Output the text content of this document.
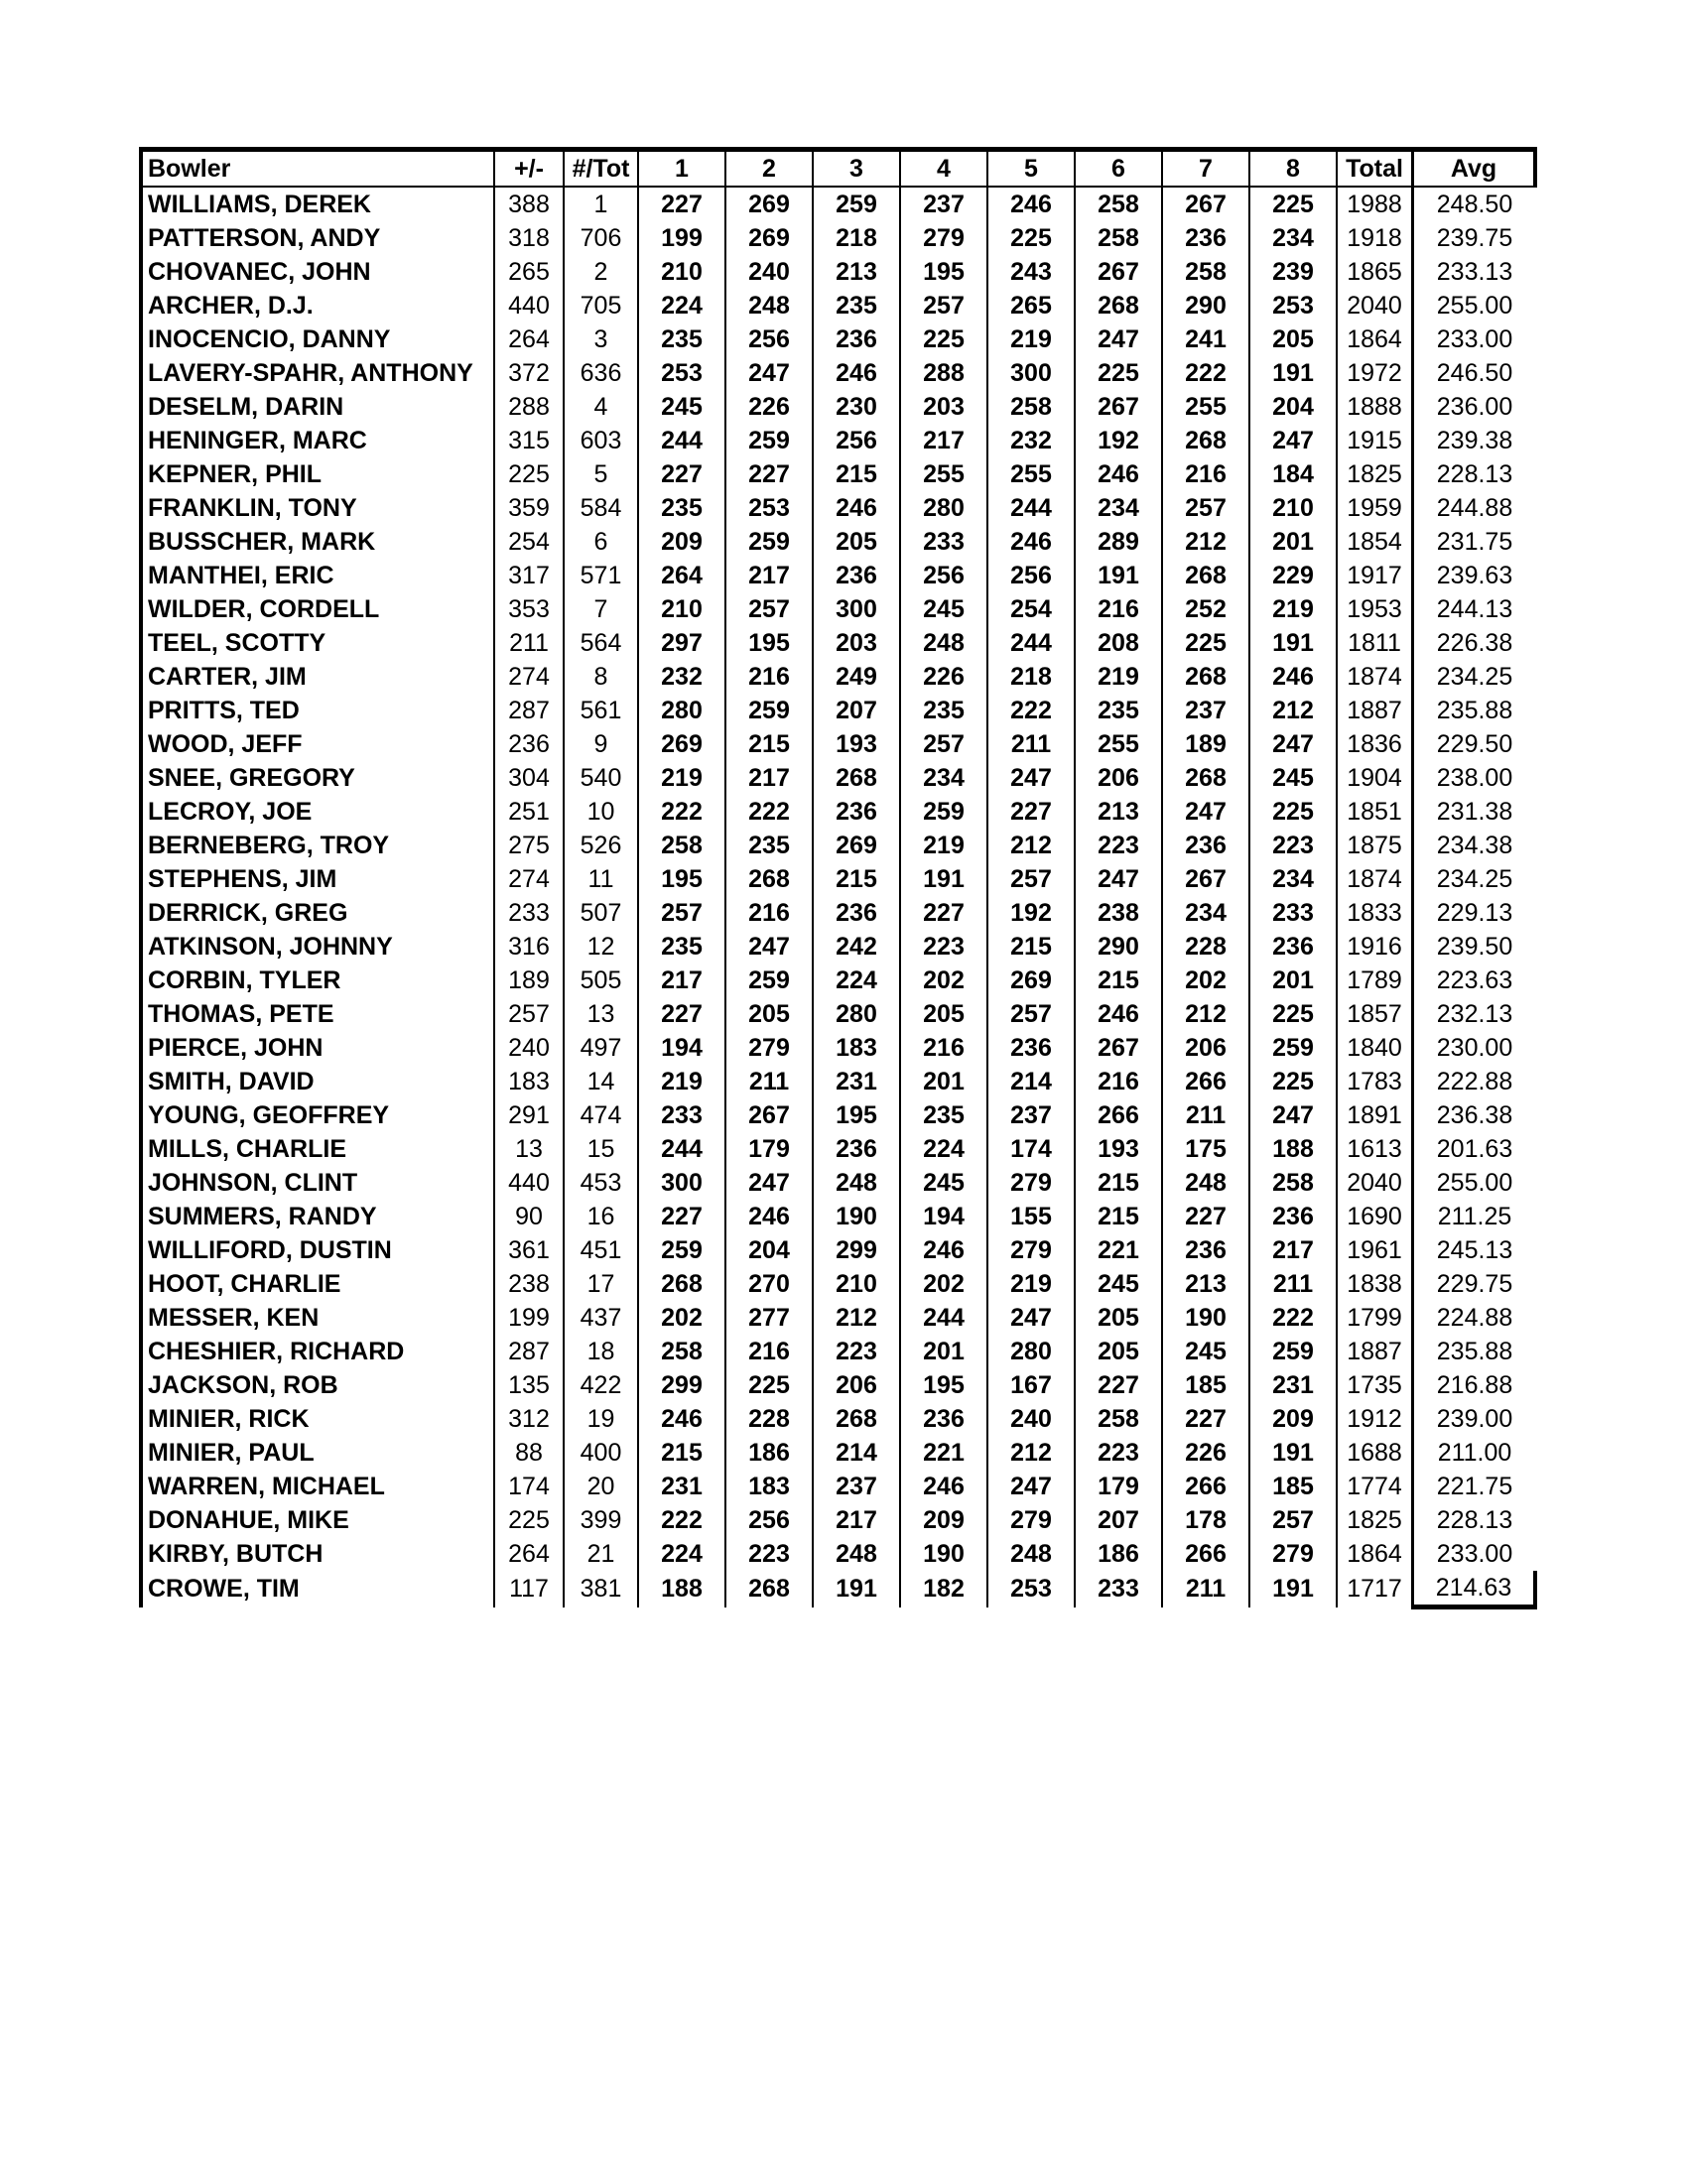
Bowler	+/-	#/Tot	1	2	3	4	5	6	7	8	Total	Avg
WILLIAMS, DEREK	388	1	227	269	259	237	246	258	267	225	1988	248.50
PATTERSON, ANDY	318	706	199	269	218	279	225	258	236	234	1918	239.75
CHOVANEC, JOHN	265	2	210	240	213	195	243	267	258	239	1865	233.13
ARCHER, D.J.	440	705	224	248	235	257	265	268	290	253	2040	255.00
INOCENCIO, DANNY	264	3	235	256	236	225	219	247	241	205	1864	233.00
LAVERY-SPAHR, ANTHONY	372	636	253	247	246	288	300	225	222	191	1972	246.50
DESELM, DARIN	288	4	245	226	230	203	258	267	255	204	1888	236.00
HENINGER, MARC	315	603	244	259	256	217	232	192	268	247	1915	239.38
KEPNER, PHIL	225	5	227	227	215	255	255	246	216	184	1825	228.13
FRANKLIN, TONY	359	584	235	253	246	280	244	234	257	210	1959	244.88
BUSSCHER, MARK	254	6	209	259	205	233	246	289	212	201	1854	231.75
MANTHEI, ERIC	317	571	264	217	236	256	256	191	268	229	1917	239.63
WILDER, CORDELL	353	7	210	257	300	245	254	216	252	219	1953	244.13
TEEL, SCOTTY	211	564	297	195	203	248	244	208	225	191	1811	226.38
CARTER, JIM	274	8	232	216	249	226	218	219	268	246	1874	234.25
PRITTS, TED	287	561	280	259	207	235	222	235	237	212	1887	235.88
WOOD, JEFF	236	9	269	215	193	257	211	255	189	247	1836	229.50
SNEE, GREGORY	304	540	219	217	268	234	247	206	268	245	1904	238.00
LECROY, JOE	251	10	222	222	236	259	227	213	247	225	1851	231.38
BERNEBERG, TROY	275	526	258	235	269	219	212	223	236	223	1875	234.38
STEPHENS, JIM	274	11	195	268	215	191	257	247	267	234	1874	234.25
DERRICK, GREG	233	507	257	216	236	227	192	238	234	233	1833	229.13
ATKINSON, JOHNNY	316	12	235	247	242	223	215	290	228	236	1916	239.50
CORBIN, TYLER	189	505	217	259	224	202	269	215	202	201	1789	223.63
THOMAS, PETE	257	13	227	205	280	205	257	246	212	225	1857	232.13
PIERCE, JOHN	240	497	194	279	183	216	236	267	206	259	1840	230.00
SMITH, DAVID	183	14	219	211	231	201	214	216	266	225	1783	222.88
YOUNG, GEOFFREY	291	474	233	267	195	235	237	266	211	247	1891	236.38
MILLS, CHARLIE	13	15	244	179	236	224	174	193	175	188	1613	201.63
JOHNSON, CLINT	440	453	300	247	248	245	279	215	248	258	2040	255.00
SUMMERS, RANDY	90	16	227	246	190	194	155	215	227	236	1690	211.25
WILLIFORD, DUSTIN	361	451	259	204	299	246	279	221	236	217	1961	245.13
HOOT, CHARLIE	238	17	268	270	210	202	219	245	213	211	1838	229.75
MESSER, KEN	199	437	202	277	212	244	247	205	190	222	1799	224.88
CHESHIER, RICHARD	287	18	258	216	223	201	280	205	245	259	1887	235.88
JACKSON, ROB	135	422	299	225	206	195	167	227	185	231	1735	216.88
MINIER, RICK	312	19	246	228	268	236	240	258	227	209	1912	239.00
MINIER, PAUL	88	400	215	186	214	221	212	223	226	191	1688	211.00
WARREN, MICHAEL	174	20	231	183	237	246	247	179	266	185	1774	221.75
DONAHUE, MIKE	225	399	222	256	217	209	279	207	178	257	1825	228.13
KIRBY, BUTCH	264	21	224	223	248	190	248	186	266	279	1864	233.00
CROWE, TIM	117	381	188	268	191	182	253	233	211	191	1717	214.63
